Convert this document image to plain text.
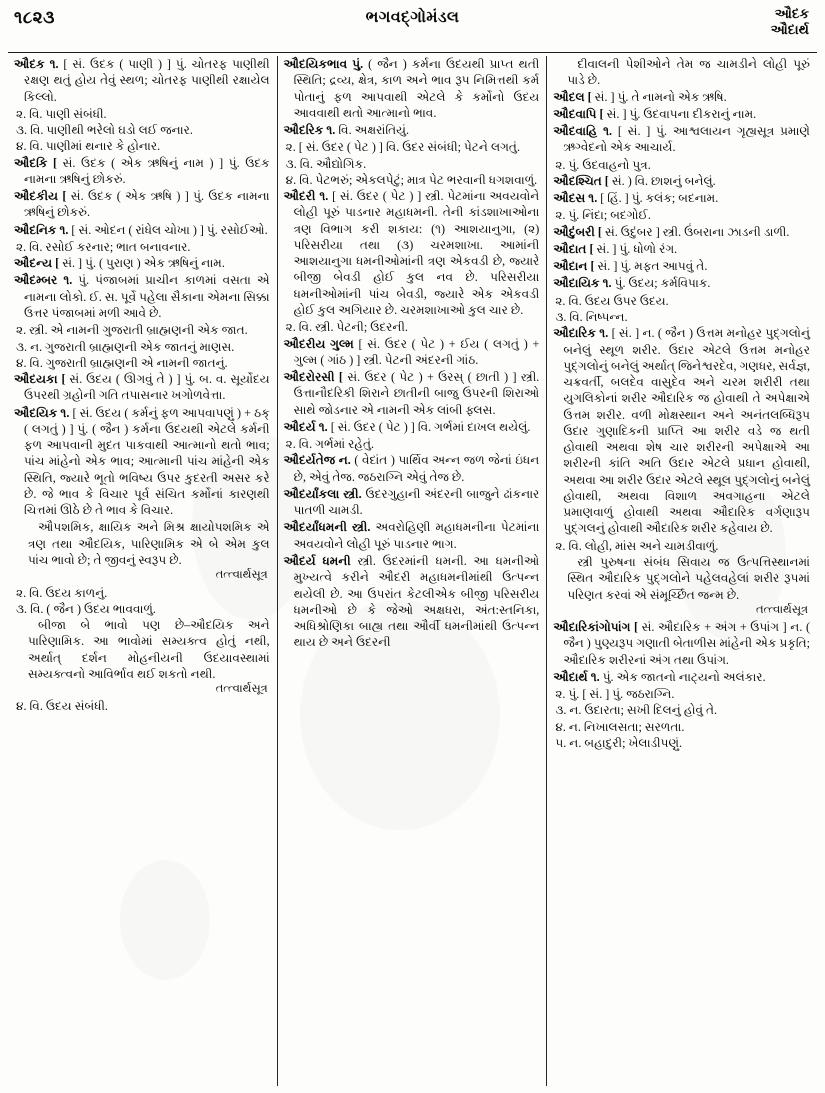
૧૮૨૩	ભગવદ્ગોમંડલ	ઔદક
ઔદાર્થ

ઔદક ૧. [ સં. ઉદક ( પાણી ) ] પું. ચોતરફ પાણીથી રક્ષણ થતું હોય તેવું સ્થળ; ચોતરફ પાણીથી રક્ષાયેલ કિલ્લો.

૨. વિ. પાણી સંબંધી.

૩. વિ. પાણીથી ભરેલો ઘડો લઈ જનાર.

૪. વિ. પાણીમાં થનાર કે હોનાર.

ઔદકિ [ સં. ઉદક ( એક ઋષિનું નામ ) ] પું. ઉદક નામના ઋષિનું છોકરું.

ઔદકીય [ સં. ઉદક ( એક ઋષિ ) ] પું. ઉદક નામના ઋષિનું છોકરું.

ઔદનિક ૧. [ સં. ઓદન ( રાંધેલ ચોખા ) ] પું. રસોઈઓ.

૨. વિ. રસોઈ કરનાર; ભાત બનાવનાર.

ઔદન્ય [ સં. ] પું. ( પુરાણ ) એક ઋષિનું નામ.

ઔદમ્બર ૧. પું. પંજાબમાં પ્રાચીન કાળમાં વસતા એ નામના લોકો. ઈ. સ. પૂર્વે પહેલા સૈકાના એમના સિક્કા ઉત્તર પંજાબમાં મળી આવે છે.

૨. સ્ત્રી. એ નામની ગુજરાતી બ્રાહ્મણની એક જાત.

૩. ન. ગુજરાતી બ્રાહ્મણની એક જાતનું માણસ.

૪. વિ. ગુજરાતી બ્રાહ્મણની એ નામની જાતનું.

ઔદયકા [ સં. ઉદય ( ઊગવું તે ) ] પું. બ. વ. સૂર્યોદય ઉપરથી ગ્રહોની ગતિ તપાસનાર ખગોળવેત્તા.

ઔદયિક ૧. [ સં. ઉદય ( કર્મનું ફળ આપવાપણું ) + ઠક્ ( લગતું ) ] પું. ( જૈન ) કર્મના ઉદયથી એટલે કર્મની ફળ આપવાની મુદત પાકવાથી આત્માનો થતો ભાવ; પાંચ માંહેનો એક ભાવ; આત્માની પાંચ માંહેની એક સ્થિતિ, જ્યારે ભૂતો ભવિષ્ય ઉપર કુદરતી અસર કરે છે. જે ભાવ કે વિચાર પૂર્વ સંચિત કર્મોનાં કારણથી ચિત્તમાં ઊઠે છે તે ભાવ કે વિચાર.

ઔપશમિક, ક્ષાયિક અને મિશ્ર ક્ષાયોપશમિક એ ત્રણ તથા ઔદયિક, પારિણામિક એ બે એમ કુલ પાંચ ભાવો છે; તે જીવનું સ્વરૂપ છે.

તત્ત્વાર્થસૂત્ર

૨. વિ. ઉદય કાળનું.

૩. વિ. ( જૈન ) ઉદય ભાવવાળું.

બીજા બે ભાવો પણ છે–ઔદયિક અને પારિણામિક. આ ભાવોમાં સમ્યક્ત્વ હોતું નથી, અર્થાત્ દર્શન મોહનીયની ઉદયાવસ્થામાં સમ્યક્ત્વનો આવિર્ભાવ થઈ શકતો નથી.

તત્ત્વાર્થસૂત્ર

૪. વિ. ઉદય સંબંધી.

ઔદયિકભાવ પું. ( જૈન ) કર્મના ઉદયથી પ્રાપ્ત થતી સ્થિતિ; દ્રવ્ય, ક્ષેત્ર, કાળ અને ભાવ રૂપ નિમિત્તથી કર્મ પોતાનું ફળ આપવાથી એટલે કે કર્મોનો ઉદય આવવાથી થતો આત્માનો ભાવ.

ઔદરિક ૧. વિ. અક્ષરાંતિયું.

૨. [ સં. ઉદર ( પેટ ) ] વિ. ઉદર સંબંધી; પેટને લગતું.

૩. વિ. ઔદ્યોગિક.

૪. વિ. પેટભરું; એકલપેટું; માત્ર પેટ ભરવાની ધગશવાળું.

ઔદરી ૧. [ સં. ઉદર ( પેટ ) ] સ્ત્રી. પેટમાંના અવયવોને લોહી પૂરું પાડનાર મહાધમની. તેની કાંડશાખાઓના ત્રણ વિભાગ કરી શકાય: (૧) આશયાનુગા, (૨) પરિસરીયા તથા (૩) ચરમશાખા. આમાંની આશયાનુગા ધમનીઓમાંની ત્રણ એકવડી છે, જ્યારે બીજી બેવડી હોઈ કુલ નવ છે. પરિસરીયા ધમનીઓમાંની પાંચ બેવડી, જ્યારે એક એકવડી હોઈ કુલ અગિયાર છે. ચરમશાખાઓ કુલ ચાર છે.

૨. વિ. સ્ત્રી. પેટની; ઉદરની.

ઔદરીય ગુલ્મ [ સં. ઉદર ( પેટ ) + ઈય ( લગતું ) + ગુલ્મ ( ગાંઠ ) ] સ્ત્રી. પેટની અંદરની ગાંઠ.

ઔદરોરસી [ સં. ઉદર ( પેટ ) + ઉરસ્ ( છાતી ) ] સ્ત્રી. ઉત્તાનૌદરિકી શિરાને છાતીની બાજુ ઉપરની શિરાઓ સાથે જોડનાર એ નામની એક લાંબી ફ્લસ.

ઔદર્ય ૧. [ સં. ઉદર ( પેટ ) ] વિ. ગર્ભમાં દાખલ થયેલું.

૨. વિ. ગર્ભમાં રહેતું.

ઔદર્યતેજ ન. ( વેદાંત ) પાર્થિવ અન્ન જળ જેનાં ઇંધન છે, એવું તેજ. જઠરાગ્નિ એવું તેજ છે.

ઔદર્યાંકલા સ્ત્રી. ઉદરગુહાની અંદરની બાજુને ઢાંકનાર પાતળી ચામડી.

ઔદર્યાંધમની સ્ત્રી. અવરોહિણી મહાધમનીના પેટમાંના અવયવોને લોહી પૂરું પાડનાર ભાગ.

ઔદર્ય ધમની સ્ત્રી. ઉદરમાંની ધમની. આ ધમનીઓ મુખ્યત્વે કરીને ઔદરી મહાધમનીમાંથી ઉત્પન્ન થયેલી છે. આ ઉપરાંત કેટલીએક બીજી પરિસરીય ધમનીઓ છે કે જેઓ અક્ષધરા, અંત:સ્તનિકા, અધિશ્રોણિકા બાહ્ય તથા ઔર્વી ધમનીમાંથી ઉત્પન્ન થાય છે અને ઉદરની

દીવાલની પેશીઓને તેમ જ ચામડીને લોહી પૂરું પાડે છે.

ઔદલ [ સં. ] પું. તે નામનો એક ઋષિ.

ઔદવાપિ [ સં. ] પું. ઉદવાપના દીકરાનું નામ.

ઔદવાહિ ૧. [ સં. ] પું. આશ્વલાયન ગૃહ્યસૂત્ર પ્રમાણે ઋગ્વેદનો એક આચાર્ય.

૨. પું. ઉદવાહનો પુત્ર.

ઔદશ્ચિત [ સં. ) વિ. છાશનું બનેલું.

ઔદસ ૧. [ હિં. ] પું. કલંક; બદનામ.

૨. પું. નિંદા; બદગોઈ.

ઔદુંબરી [ સં. ઉદુંબર ] સ્ત્રી. ઉંબરાના ઝાડની ડાળી.

ઔદાત [ સં. ] પું. ધોળો રંગ.

ઔદાન [ સં. ] પું. મફત આપવું તે.

ઔદાયિક ૧. પું. ઉદય; કર્મવિપાક.

૨. વિ. ઉદય ઉપર ઉદય.

૩. વિ. નિષ્પન્ન.

ઔદારિક ૧. [ સં. ] ન. ( જૈન ) ઉત્તમ મનોહર પુદ્ગલોનું બનેલું સ્થૂળ શરીર. ઉદાર એટલે ઉત્તમ મનોહર પુદ્ગલોનું બનેલું અર્થાત્ જિનેશ્વરદેવ, ગણધર, સર્વજ્ઞ, ચક્રવર્તી, બલદેવ વાસુદેવ અને ચરમ શરીરી તથા યુગલિકોનાં શરીર ઔદારિક જ હોવાથી તે અપેક્ષાએ ઉત્તમ શરીર. વળી મોક્ષસ્થાન અને અનંતલબ્ધિરૂપ ઉદાર ગુણાદિકની પ્રાપ્તિ આ શરીર વડે જ થતી હોવાથી અથવા શેષ ચાર શરીરની અપેક્ષાએ આ શરીરની કાંતિ અતિ ઉદાર એટલે પ્રધાન હોવાથી, અથવા આ શરીર ઉદાર એટલે સ્થૂલ પુદ્ગલોનું બનેલું હોવાથી, અથવા વિશાળ અવગાહના એટલે પ્રમાણવાળું હોવાથી અથવા ઔદારિક વર્ગણારૂપ પુદ્ગલનું હોવાથી ઔદારિક શરીર કહેવાય છે.

૨. વિ. લોહી, માંસ અને ચામડીવાળું.

સ્ત્રી પુરુષના સંબંધ સિવાય જ ઉત્પત્તિસ્થાનમાં સ્થિત ઔદારિક પુદ્ગલોને પહેલવહેલાં શરીર રૂપમાં પરિણત કરવાં એ સંમૂર્ચ્છિત જન્મ છે.

તત્ત્વાર્થસૂત્ર

ઔદારિકાંગોપાંગ [ સં. ઔદારિક + અંગ + ઉપાંગ ] ન. ( જૈન ) પુણ્યરૂપ ગણાતી બેતાળીસ માંહેની એક પ્રકૃતિ; ઔદારિક શરીરનાં અંગ તથા ઉપાંગ.

ઔદાર્થ ૧. પું. એક જાતનો નાટ્યનો અલંકાર.

૨. પું. [ સં. ] પું. જઠરાગ્નિ.

૩. ન. ઉદારતા; સખી દિલનું હોવું તે.

૪. ન. નિખાલસતા; સરળતા.

૫. ન. બહાદુરી; ખેલાડીપણું.
